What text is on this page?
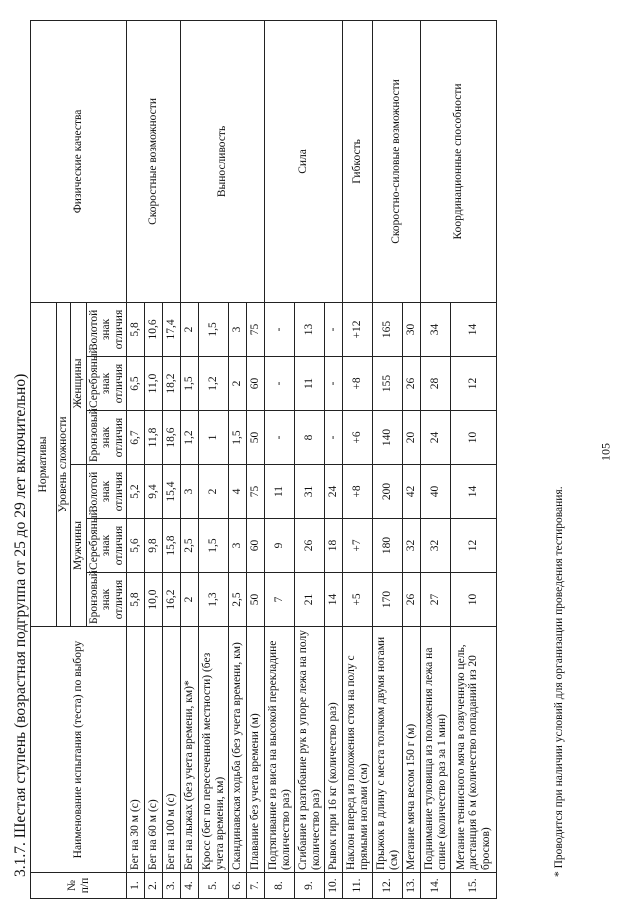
105
3.1.7. Шестая ступень (возрастная подгруппа от 25 до 29 лет включительно)
№ п/п	Наименование испытания (теста) по выбору	Нормативы						Физические качества
		Уровень сложности						
		Мужчины			Женщины			
		Бронзовый знак отличия	Серебряный знак отличия	Золотой знак отличия	Бронзовый знак отличия	Серебряный знак отличия	Золотой знак отличия	
1.	Бег на 30 м (с)	5,8	5,6	5,2	6,7	6,5	5,8	Скоростные возможности
2.	Бег на 60 м (с)	10,0	9,8	9,4	11,8	11,0	10,6	
3.	Бег на 100 м (с)	16,2	15,8	15,4	18,6	18,2	17,4	
4.	Бег на лыжах (без учета времени, км)*	2	2,5	3	1,2	1,5	2	Выносливость
5.	Кросс (бег по пересеченной местности) (без учета времени, км)	1,3	1,5	2	1	1,2	1,5	
6.	Скандинавская ходьба (без учета времени, км)	2,5	3	4	1,5	2	3	
7.	Плавание без учета времени (м)	50	60	75	50	60	75	
8.	Подтягивание из виса на высокой перекладине (количество раз)	7	9	11	-	-	-	Сила
9.	Сгибание и разгибание рук в упоре лежа на полу (количество раз)	21	26	31	8	11	13	
10.	Рывок гири 16 кг (количество раз)	14	18	24	-	-	-	
11.	Наклон вперед из положения стоя на полу с прямыми ногами (см)	+5	+7	+8	+6	+8	+12	Гибкость
12.	Прыжок в длину с места толчком двумя ногами (см)	170	180	200	140	155	165	Скоростно-силовые возможности
13.	Метание мяча весом 150 г (м)	26	32	42	20	26	30	
14.	Поднимание туловища из положения лежа на спине (количество раз за 1 мин)	27	32	40	24	28	34	Координационные способности
15.	Метание теннисного мяча в озвученную цель, дистанция 6 м (количество попаданий из 20 бросков)	10	12	14	10	12	14	
* Проводится при наличии условий для организации проведения тестирования.
